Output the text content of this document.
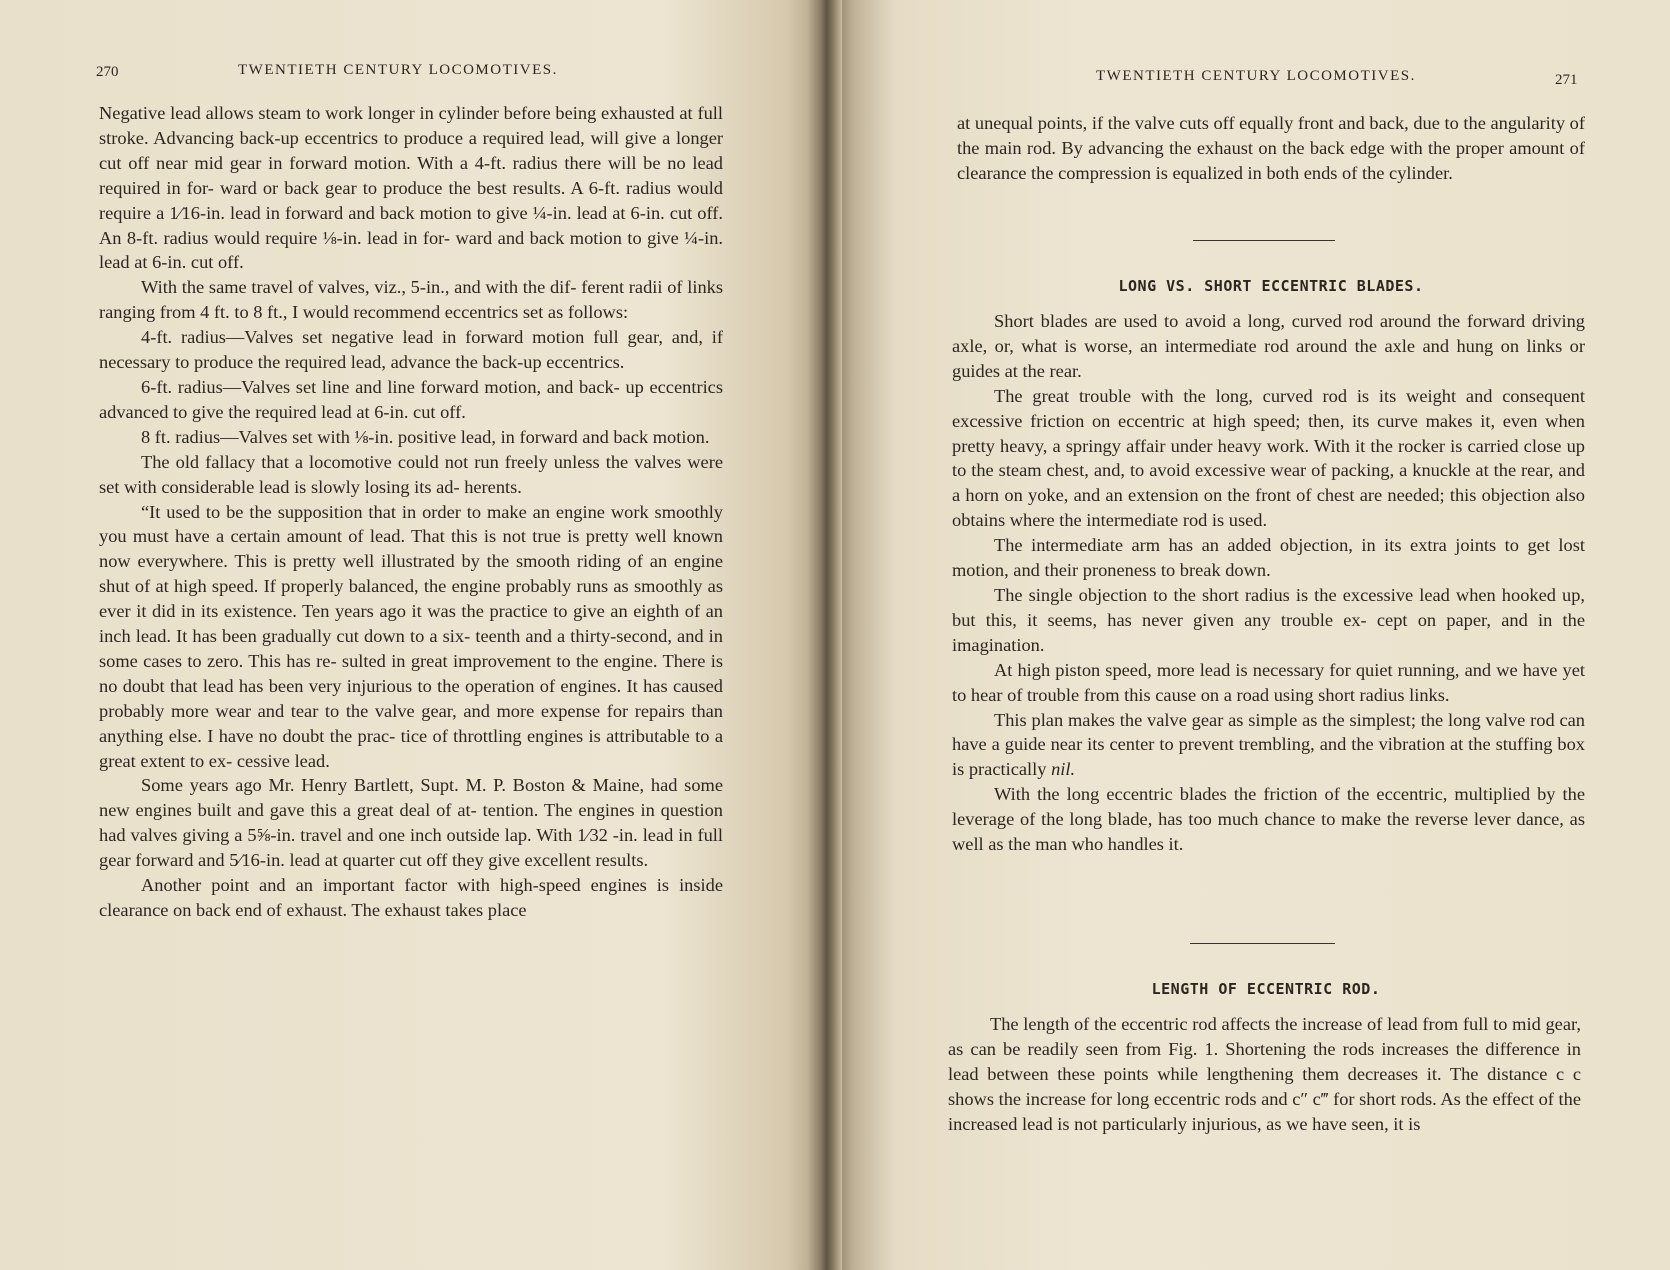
270	TWENTIETH CENTURY LOCOMOTIVES.

Negative lead allows steam to work longer in cylinder before being exhausted at full stroke. Advancing back-up eccentrics to produce a required lead, will give a longer cut off near mid gear in forward motion. With a 4-ft. radius there will be no lead required in for- ward or back gear to produce the best results. A 6-ft. radius would require a 1⁄16-in. lead in forward and back motion to give ¼-in. lead at 6-in. cut off. An 8-ft. radius would require ⅛-in. lead in for- ward and back motion to give ¼-in. lead at 6-in. cut off.

With the same travel of valves, viz., 5-in., and with the dif- ferent radii of links ranging from 4 ft. to 8 ft., I would recommend eccentrics set as follows:

4-ft. radius—Valves set negative lead in forward motion full gear, and, if necessary to produce the required lead, advance the back-up eccentrics.

6-ft. radius—Valves set line and line forward motion, and back- up eccentrics advanced to give the required lead at 6-in. cut off.

8 ft. radius—Valves set with ⅛-in. positive lead, in forward and back motion.

The old fallacy that a locomotive could not run freely unless the valves were set with considerable lead is slowly losing its ad- herents.

“It used to be the supposition that in order to make an engine work smoothly you must have a certain amount of lead. That this is not true is pretty well known now everywhere. This is pretty well illustrated by the smooth riding of an engine shut of at high speed. If properly balanced, the engine probably runs as smoothly as ever it did in its existence. Ten years ago it was the practice to give an eighth of an inch lead. It has been gradually cut down to a six- teenth and a thirty-second, and in some cases to zero. This has re- sulted in great improvement to the engine. There is no doubt that lead has been very injurious to the operation of engines. It has caused probably more wear and tear to the valve gear, and more expense for repairs than anything else. I have no doubt the prac- tice of throttling engines is attributable to a great extent to ex- cessive lead.

Some years ago Mr. Henry Bartlett, Supt. M. P. Boston & Maine, had some new engines built and gave this a great deal of at- tention. The engines in question had valves giving a 5⅝-in. travel and one inch outside lap. With 1⁄32 -in. lead in full gear forward and 5⁄16-in. lead at quarter cut off they give excellent results.

Another point and an important factor with high-speed engines is inside clearance on back end of exhaust. The exhaust takes place

TWENTIETH CENTURY LOCOMOTIVES.	271

at unequal points, if the valve cuts off equally front and back, due to the angularity of the main rod. By advancing the exhaust on the back edge with the proper amount of clearance the compression is equalized in both ends of the cylinder.

LONG VS. SHORT ECCENTRIC BLADES.

Short blades are used to avoid a long, curved rod around the forward driving axle, or, what is worse, an intermediate rod around the axle and hung on links or guides at the rear.

The great trouble with the long, curved rod is its weight and consequent excessive friction on eccentric at high speed; then, its curve makes it, even when pretty heavy, a springy affair under heavy work. With it the rocker is carried close up to the steam chest, and, to avoid excessive wear of packing, a knuckle at the rear, and a horn on yoke, and an extension on the front of chest are needed; this objection also obtains where the intermediate rod is used.

The intermediate arm has an added objection, in its extra joints to get lost motion, and their proneness to break down.

The single objection to the short radius is the excessive lead when hooked up, but this, it seems, has never given any trouble ex- cept on paper, and in the imagination.

At high piston speed, more lead is necessary for quiet running, and we have yet to hear of trouble from this cause on a road using short radius links.

This plan makes the valve gear as simple as the simplest; the long valve rod can have a guide near its center to prevent trembling, and the vibration at the stuffing box is practically nil.

With the long eccentric blades the friction of the eccentric, multiplied by the leverage of the long blade, has too much chance to make the reverse lever dance, as well as the man who handles it.

LENGTH OF ECCENTRIC ROD.

The length of the eccentric rod affects the increase of lead from full to mid gear, as can be readily seen from Fig. 1. Shortening the rods increases the difference in lead between these points while lengthening them decreases it. The distance c c shows the increase for long eccentric rods and c″ c‴ for short rods. As the effect of the increased lead is not particularly injurious, as we have seen, it is
